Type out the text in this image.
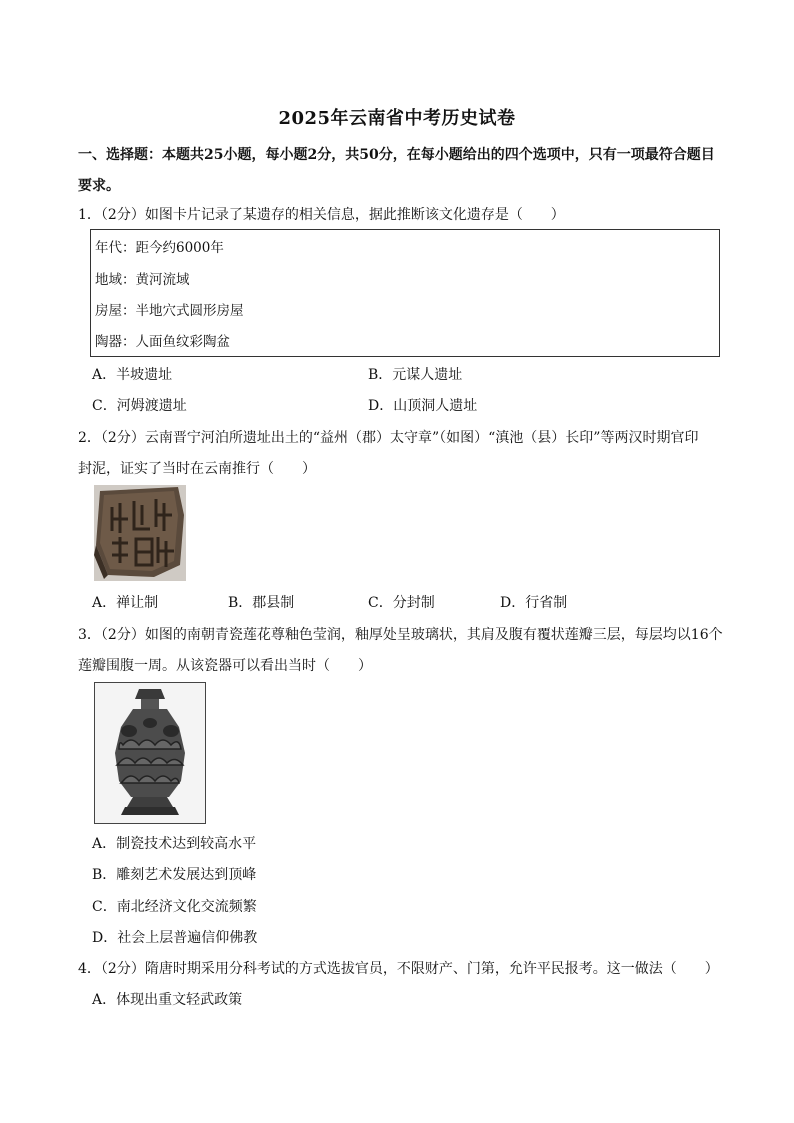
2025年云南省中考历史试卷
一、选择题：本题共25小题，每小题2分，共50分，在每小题给出的四个选项中，只有一项最符合题目
要求。
1．（2分）如图卡片记录了某遗存的相关信息，据此推断该文化遗存是（　　）
年代：距今约6000年
地域：黄河流域
房屋：半地穴式圆形房屋
陶器：人面鱼纹彩陶盆
A．半坡遗址	B．元谋人遗址
C．河姆渡遗址	D．山顶洞人遗址
2．（2分）云南晋宁河泊所遗址出土的“益州（郡）太守章”（如图）“滇池（县）长印”等两汉时期官印
封泥，证实了当时在云南推行（　　）
A．禅让制	B．郡县制	C．分封制	D．行省制
3．（2分）如图的南朝青瓷莲花尊釉色莹润，釉厚处呈玻璃状，其肩及腹有覆状莲瓣三层，每层均以16个
莲瓣围腹一周。从该瓷器可以看出当时（　　）
A．制瓷技术达到较高水平
B．雕刻艺术发展达到顶峰
C．南北经济文化交流频繁
D．社会上层普遍信仰佛教
4．（2分）隋唐时期采用分科考试的方式选拔官员，不限财产、门第，允许平民报考。这一做法（　　）
A．体现出重文轻武政策
